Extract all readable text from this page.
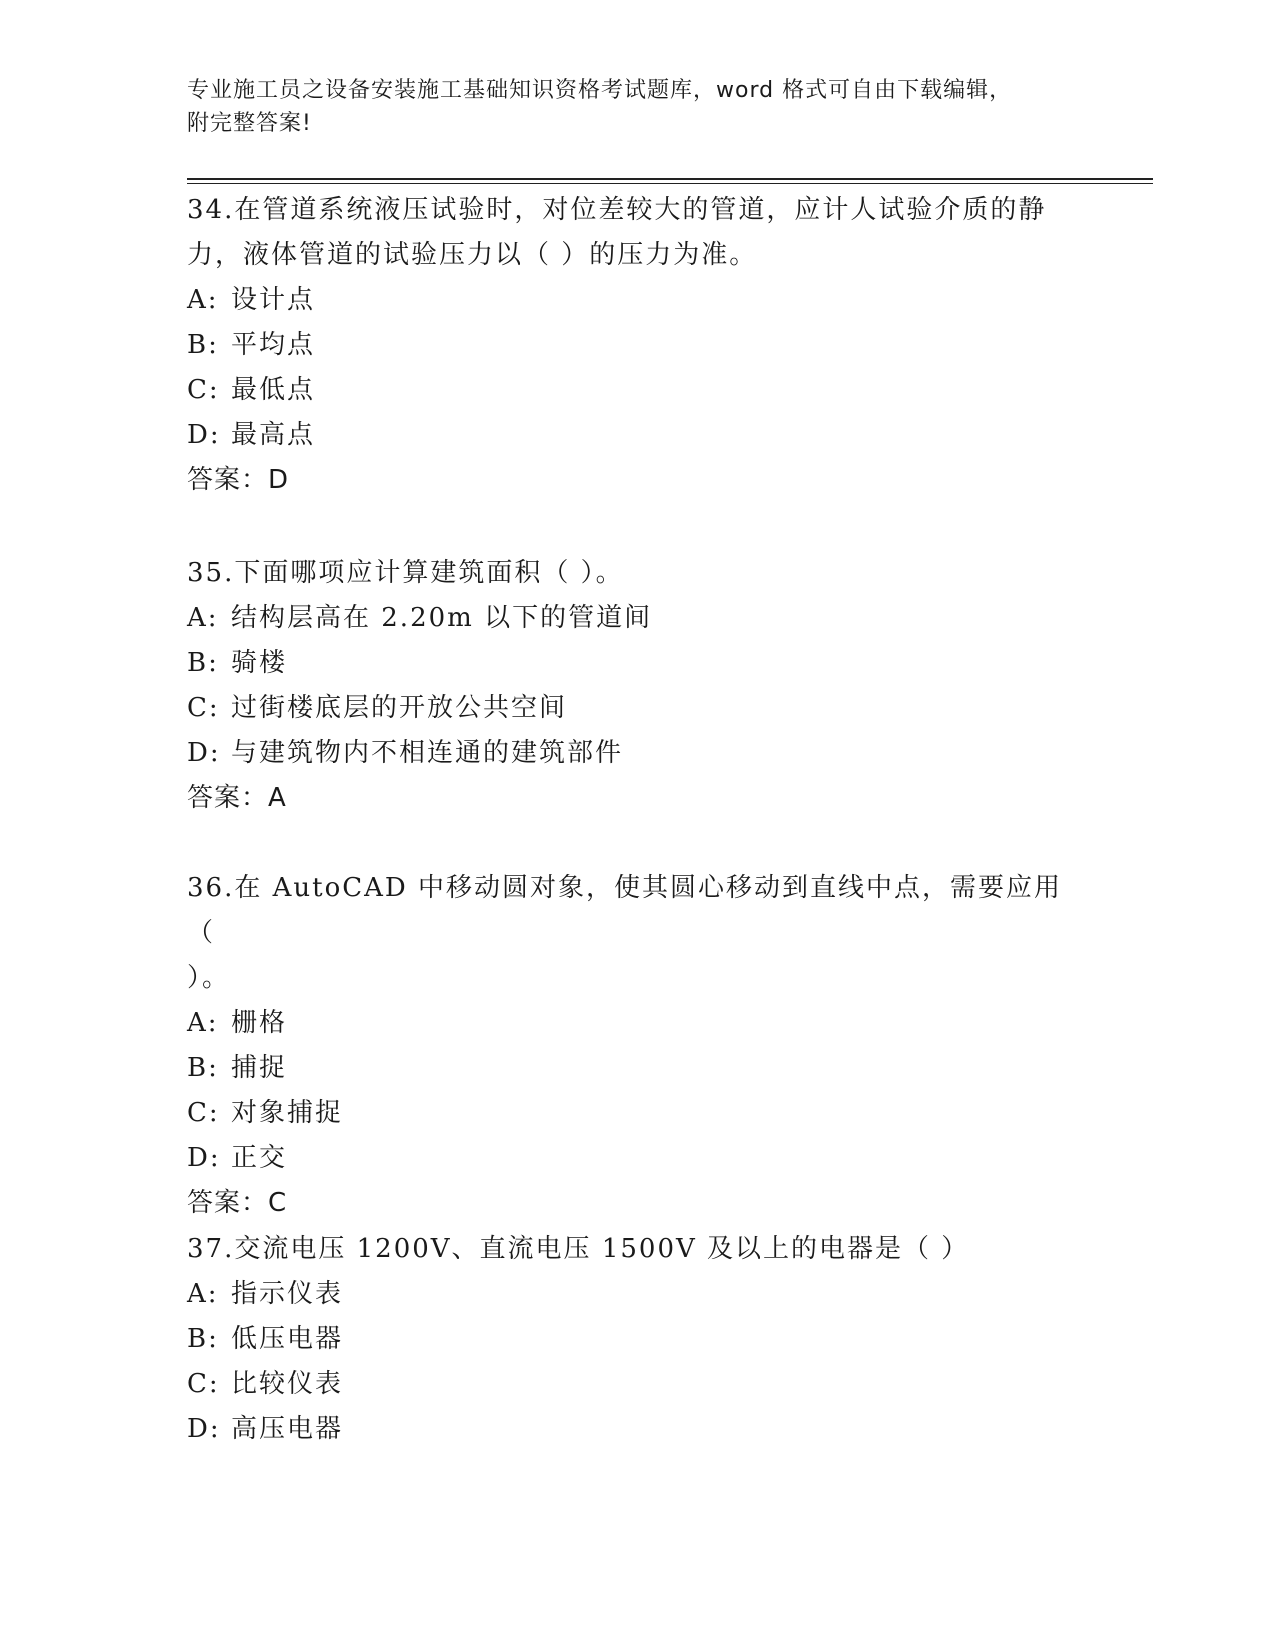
专业施工员之设备安装施工基础知识资格考试题库，word 格式可自由下载编辑，
附完整答案!
34.在管道系统液压试验时，对位差较大的管道，应计人试验介质的静
力，液体管道的试验压力以（ ）的压力为准。
A: 设计点
B: 平均点
C: 最低点
D: 最高点
答案：D
35.下面哪项应计算建筑面积（ ）。
A: 结构层高在 2.20m 以下的管道间
B: 骑楼
C: 过街楼底层的开放公共空间
D: 与建筑物内不相连通的建筑部件
答案：A
36.在 AutoCAD 中移动圆对象，使其圆心移动到直线中点，需要应用（
）。
A: 栅格
B: 捕捉
C: 对象捕捉
D: 正交
答案：C
37.交流电压 1200V、直流电压 1500V 及以上的电器是（ ）
A: 指示仪表
B: 低压电器
C: 比较仪表
D: 高压电器
